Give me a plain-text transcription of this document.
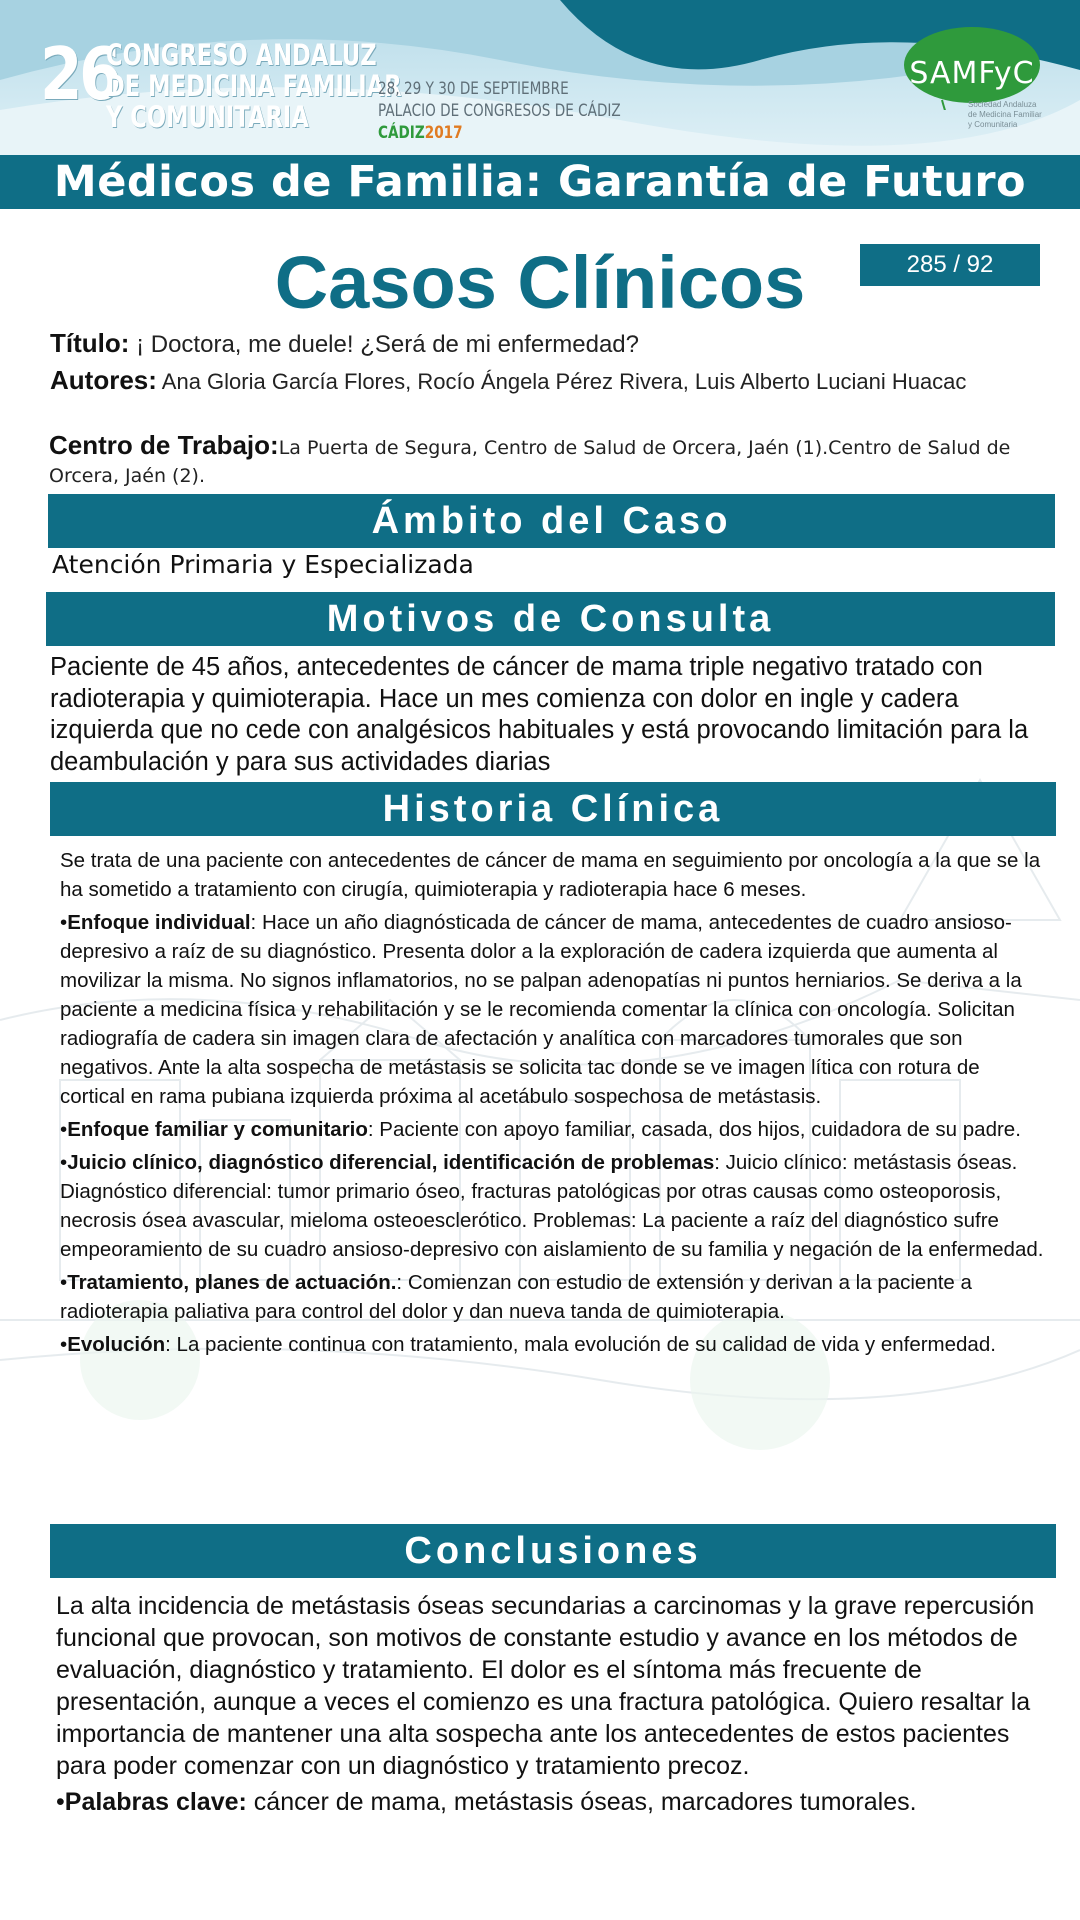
26
CONGRESO ANDALUZ
DE MEDICINA FAMILIAR
Y COMUNITARIA
28, 29 Y 30 DE SEPTIEMBRE
PALACIO DE CONGRESOS DE CÁDIZ
CÁDIZ2017
SAMFyC
Sociedad Andaluza
de Medicina Familiar
y Comunitaria
Médicos de Familia: Garantía de Futuro
Casos Clínicos	285 / 92
Título: ¡ Doctora, me duele! ¿Será de mi enfermedad?
Autores: Ana Gloria García Flores, Rocío Ángela Pérez Rivera, Luis Alberto Luciani Huacac
Centro de Trabajo:La Puerta de Segura, Centro de Salud de Orcera, Jaén (1).Centro de Salud de Orcera, Jaén (2).
Ámbito del Caso
Atención Primaria y Especializada
Motivos de Consulta
Paciente de 45 años, antecedentes de cáncer de mama triple negativo tratado con radioterapia y quimioterapia. Hace un mes comienza con dolor en ingle y cadera izquierda que no cede con analgésicos habituales y está provocando limitación para la deambulación y para sus actividades diarias
Historia Clínica

Se trata de una paciente con antecedentes de cáncer de mama en seguimiento por oncología a la que se la ha sometido a tratamiento con cirugía, quimioterapia y radioterapia hace 6 meses.

•Enfoque individual: Hace un año diagnósticada de cáncer de mama, antecedentes de cuadro ansioso-depresivo a raíz de su diagnóstico. Presenta dolor a la exploración de cadera izquierda que aumenta al movilizar la misma. No signos inflamatorios, no se palpan adenopatías ni puntos herniarios. Se deriva a la paciente a medicina física y rehabilitación y se le recomienda comentar la clínica con oncología. Solicitan radiografía de cadera sin imagen clara de afectación y analítica con marcadores tumorales que son negativos. Ante la alta sospecha de metástasis se solicita tac donde se ve imagen lítica con rotura de cortical en rama pubiana izquierda próxima al acetábulo sospechosa de metástasis.

•Enfoque familiar y comunitario: Paciente con apoyo familiar, casada, dos hijos, cuidadora de su padre.

•Juicio clínico, diagnóstico diferencial, identificación de problemas: Juicio clínico: metástasis óseas. Diagnóstico diferencial: tumor primario óseo, fracturas patológicas por otras causas como osteoporosis, necrosis ósea avascular, mieloma osteoesclerótico. Problemas: La paciente a raíz del diagnóstico sufre empeoramiento de su cuadro ansioso-depresivo con aislamiento de su familia y negación de la enfermedad.

•Tratamiento, planes de actuación.: Comienzan con estudio de extensión y derivan a la paciente a radioterapia paliativa para control del dolor y dan nueva tanda de quimioterapia.

•Evolución: La paciente continua con tratamiento, mala evolución de su calidad de vida y enfermedad.

Conclusiones

La alta incidencia de metástasis óseas secundarias a carcinomas y la grave repercusión funcional que provocan, son motivos de constante estudio y avance en los métodos de evaluación, diagnóstico y tratamiento. El dolor es el síntoma más frecuente de presentación, aunque a veces el comienzo es una fractura patológica. Quiero resaltar la importancia de mantener una alta sospecha ante los antecedentes de estos pacientes para poder comenzar con un diagnóstico y tratamiento precoz.

•Palabras clave: cáncer de mama, metástasis óseas, marcadores tumorales.
